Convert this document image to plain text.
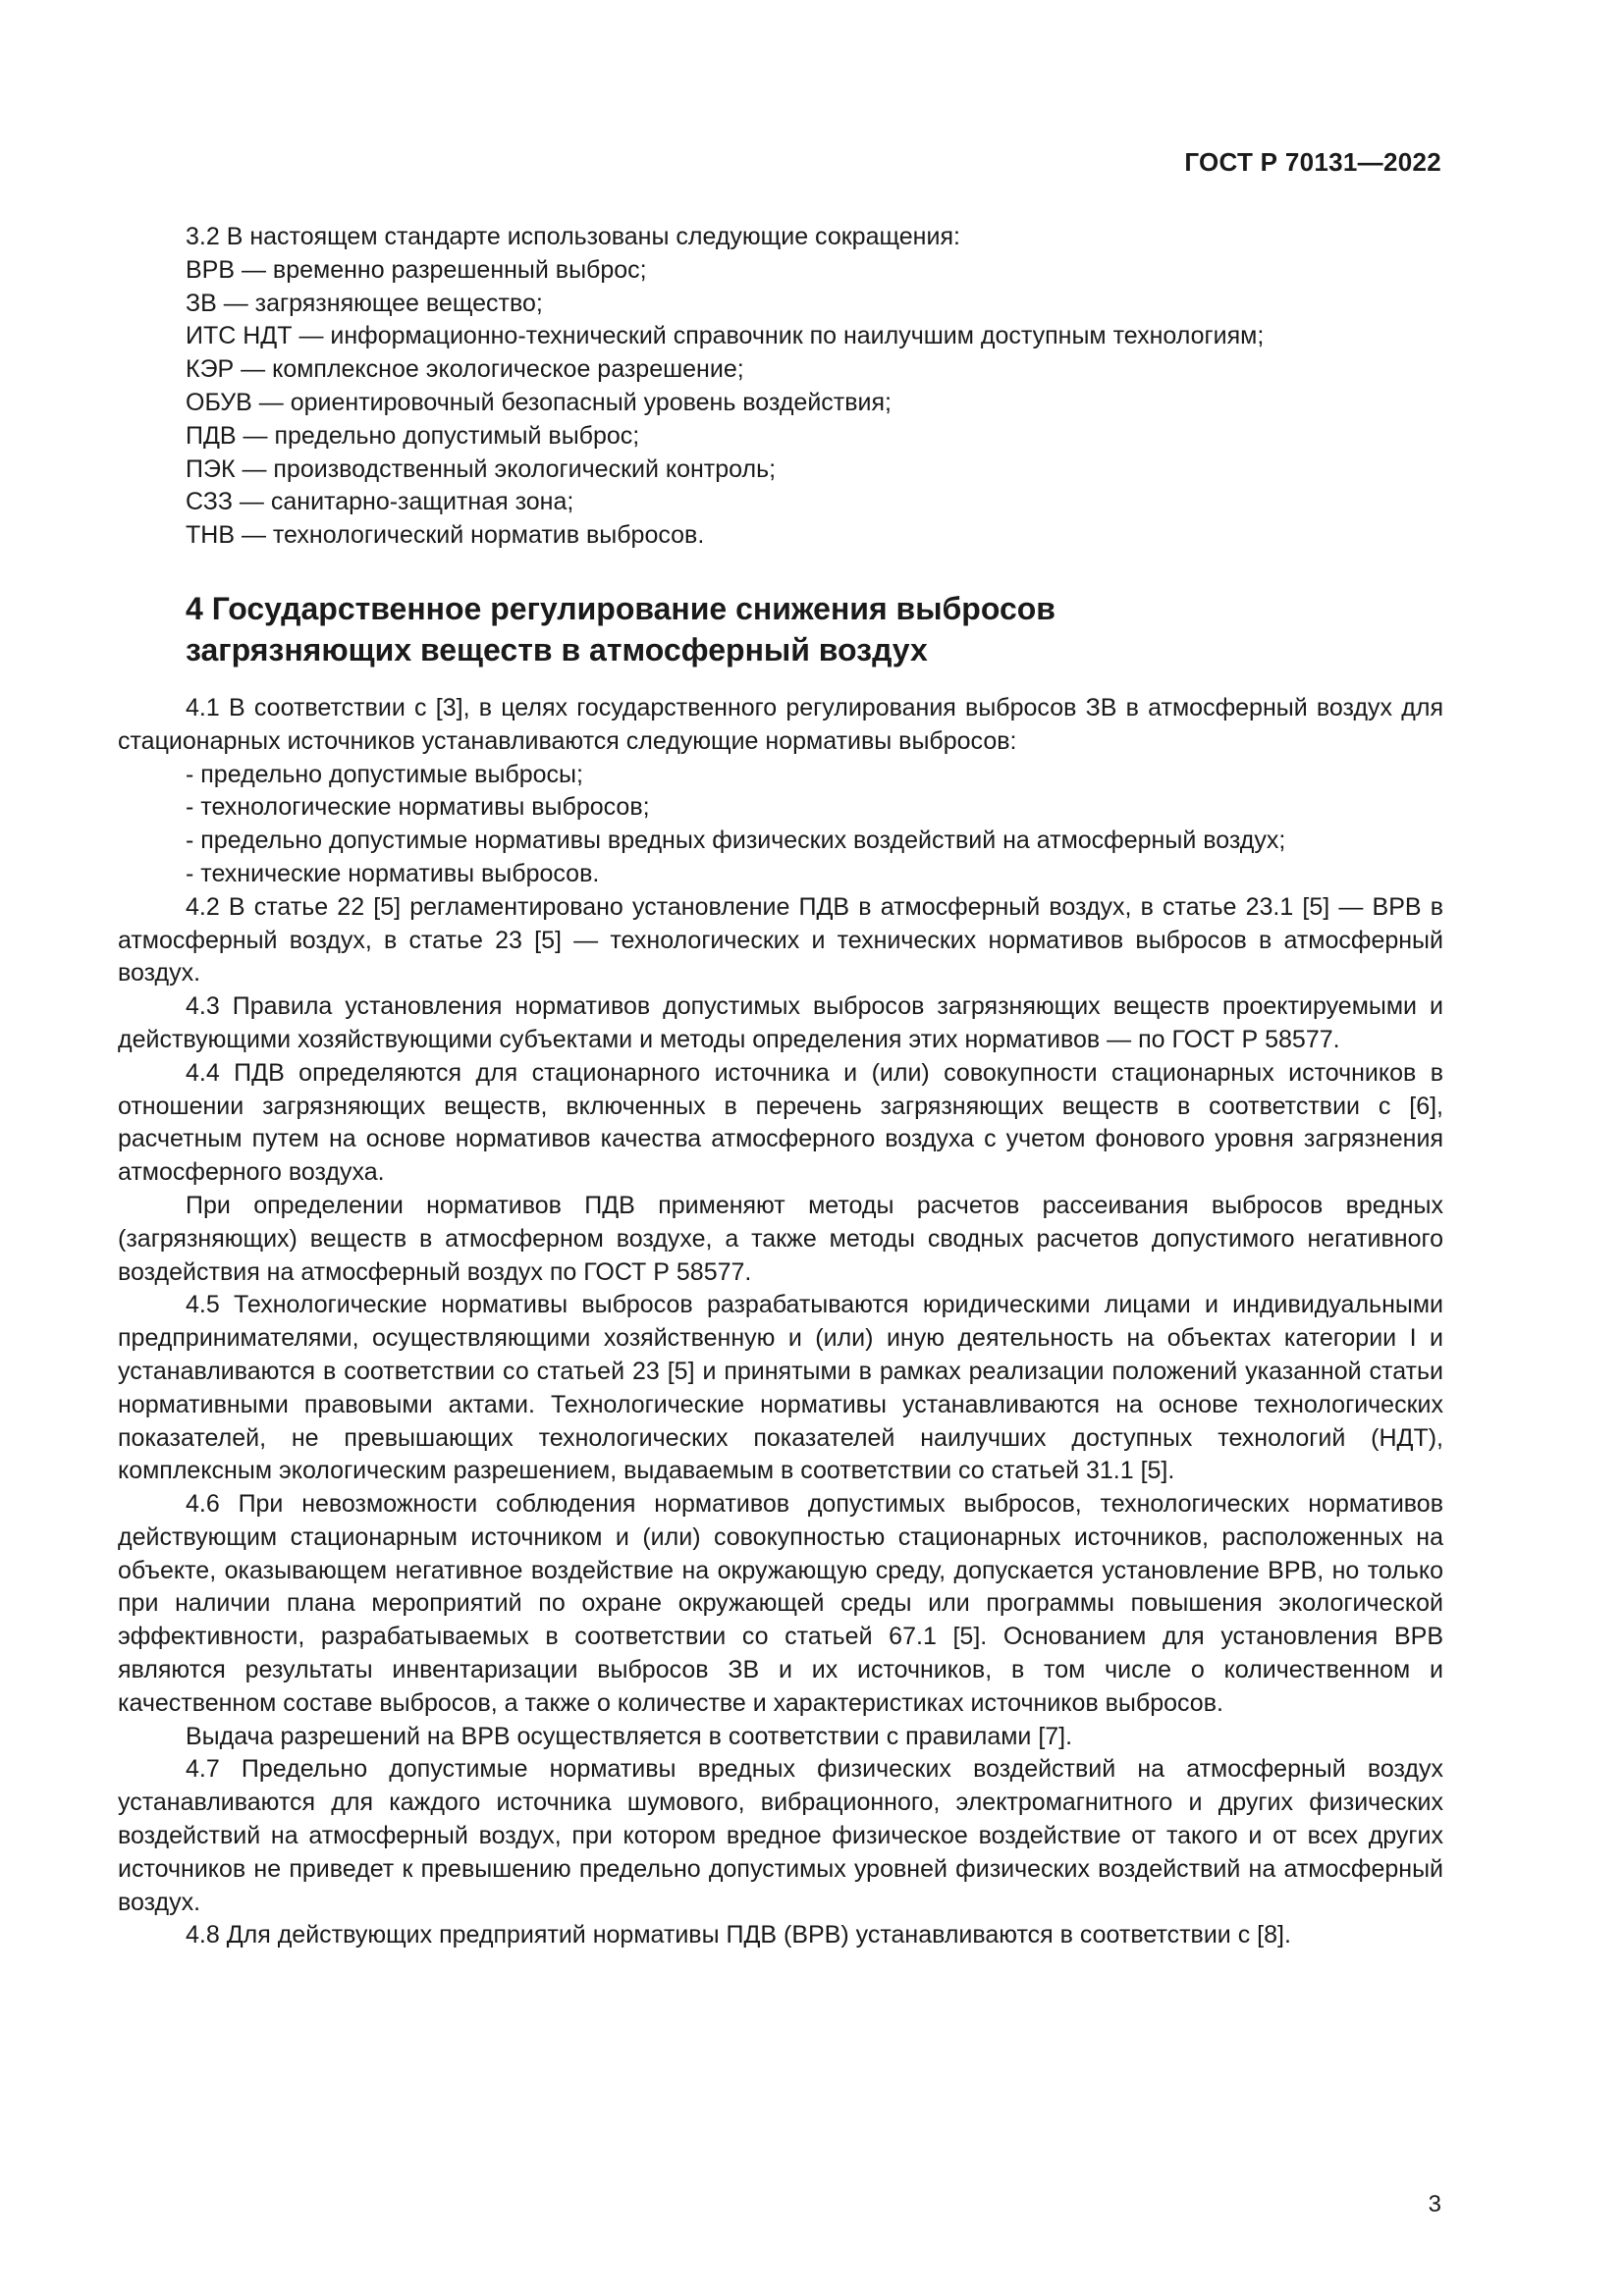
ГОСТ Р 70131—2022
3.2 В настоящем стандарте использованы следующие сокращения:
ВРВ — временно разрешенный выброс;
ЗВ — загрязняющее вещество;
ИТС НДТ — информационно-технический справочник по наилучшим доступным технологиям;
КЭР — комплексное экологическое разрешение;
ОБУВ — ориентировочный безопасный уровень воздействия;
ПДВ — предельно допустимый выброс;
ПЭК — производственный экологический контроль;
СЗЗ — санитарно-защитная зона;
ТНВ — технологический норматив выбросов.
4 Государственное регулирование снижения выбросов
загрязняющих веществ в атмосферный воздух

4.1 В соответствии с [3], в целях государственного регулирования выбросов ЗВ в атмосферный воздух для стационарных источников устанавливаются следующие нормативы выбросов:

- предельно допустимые выбросы;
- технологические нормативы выбросов;
- предельно допустимые нормативы вредных физических воздействий на атмосферный воздух;
- технические нормативы выбросов.

4.2 В статье 22 [5] регламентировано установление ПДВ в атмосферный воздух, в статье 23.1 [5] — ВРВ в атмосферный воздух, в статье 23 [5] — технологических и технических нормативов выбросов в атмосферный воздух.

4.3 Правила установления нормативов допустимых выбросов загрязняющих веществ проектируемыми и действующими хозяйствующими субъектами и методы определения этих нормативов — по ГОСТ Р 58577.

4.4 ПДВ определяются для стационарного источника и (или) совокупности стационарных источников в отношении загрязняющих веществ, включенных в перечень загрязняющих веществ в соответствии с [6], расчетным путем на основе нормативов качества атмосферного воздуха с учетом фонового уровня загрязнения атмосферного воздуха.

При определении нормативов ПДВ применяют методы расчетов рассеивания выбросов вредных (загрязняющих) веществ в атмосферном воздухе, а также методы сводных расчетов допустимого негативного воздействия на атмосферный воздух по ГОСТ Р 58577.

4.5 Технологические нормативы выбросов разрабатываются юридическими лицами и индивидуальными предпринимателями, осуществляющими хозяйственную и (или) иную деятельность на объектах категории I и устанавливаются в соответствии со статьей 23 [5] и принятыми в рамках реализации положений указанной статьи нормативными правовыми актами. Технологические нормативы устанавливаются на основе технологических показателей, не превышающих технологических показателей наилучших доступных технологий (НДТ), комплексным экологическим разрешением, выдаваемым в соответствии со статьей 31.1 [5].

4.6 При невозможности соблюдения нормативов допустимых выбросов, технологических нормативов действующим стационарным источником и (или) совокупностью стационарных источников, расположенных на объекте, оказывающем негативное воздействие на окружающую среду, допускается установление ВРВ, но только при наличии плана мероприятий по охране окружающей среды или программы повышения экологической эффективности, разрабатываемых в соответствии со статьей 67.1 [5]. Основанием для установления ВРВ являются результаты инвентаризации выбросов ЗВ и их источников, в том числе о количественном и качественном составе выбросов, а также о количестве и характеристиках источников выбросов.

Выдача разрешений на ВРВ осуществляется в соответствии с правилами [7].

4.7 Предельно допустимые нормативы вредных физических воздействий на атмосферный воздух устанавливаются для каждого источника шумового, вибрационного, электромагнитного и других физических воздействий на атмосферный воздух, при котором вредное физическое воздействие от такого и от всех других источников не приведет к превышению предельно допустимых уровней физических воздействий на атмосферный воздух.

4.8 Для действующих предприятий нормативы ПДВ (ВРВ) устанавливаются в соответствии с [8].

3
